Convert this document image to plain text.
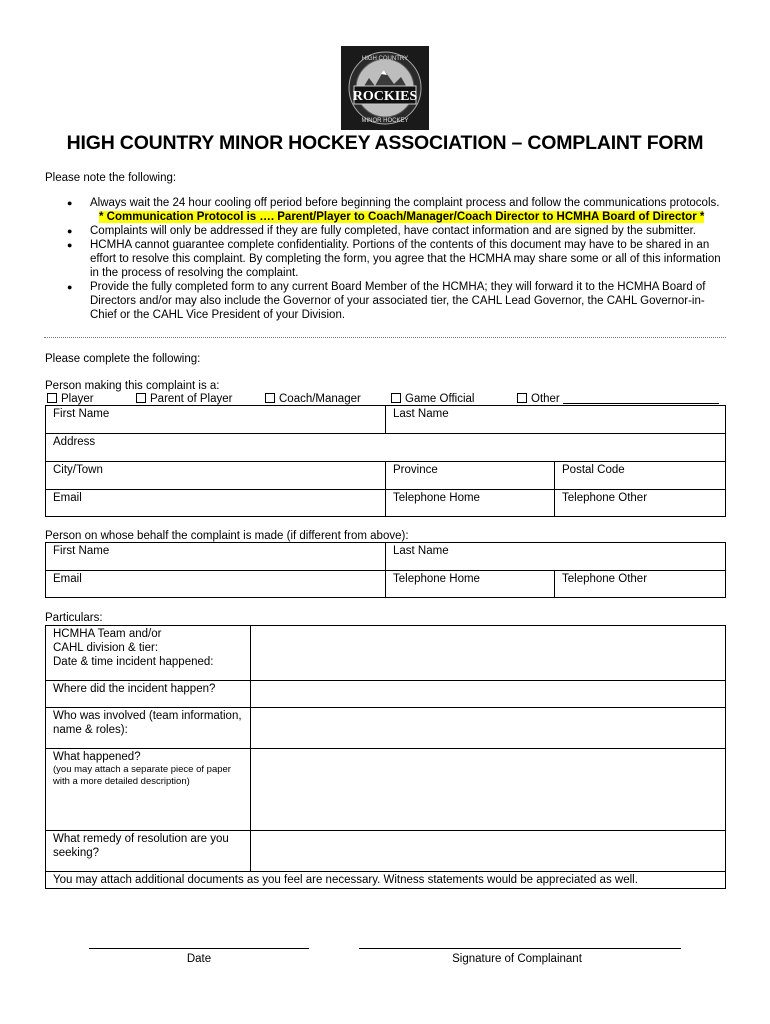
ROCKIES
HIGH COUNTRY
MINOR HOCKEY
HIGH COUNTRY MINOR HOCKEY ASSOCIATION – COMPLAINT FORM
Please note the following:
● Always wait the 24 hour cooling off period before beginning the complaint process and follow the communications protocols.
* Communication Protocol is …. Parent/Player to Coach/Manager/Coach Director to HCMHA Board of Director *
● Complaints will only be addressed if they are fully completed, have contact information and are signed by the submitter.
● HCMHA cannot guarantee complete confidentiality. Portions of the contents of this document may have to be shared in an effort to resolve this complaint. By completing the form, you agree that the HCMHA may share some or all of this information in the process of resolving the complaint.
● Provide the fully completed form to any current Board Member of the HCMHA; they will forward it to the HCMHA Board of Directors and/or may also include the Governor of your associated tier, the CAHL Lead Governor, the CAHL Governor-in-Chief or the CAHL Vice President of your Division.
Please complete the following:
Person making this complaint is a:
Player	Parent of Player	Coach/Manager	Game Official	Other
First Name	Last Name	
Address		
City/Town	Province	Postal Code
Email	Telephone Home	Telephone Other
Person on whose behalf the complaint is made (if different from above):
First Name	Last Name	
Email	Telephone Home	Telephone Other
Particulars:
HCMHA Team and/or
CAHL division & tier:
Date & time incident happened:	

Where did the incident happen?	

Who was involved (team information,
name & roles):	

What happened?
(you may attach a separate piece of paper
with a more detailed description)	

What remedy of resolution are you
seeking?	

You may attach additional documents as you feel are necessary. Witness statements would be appreciated as well.	
Date	Signature of Complainant
